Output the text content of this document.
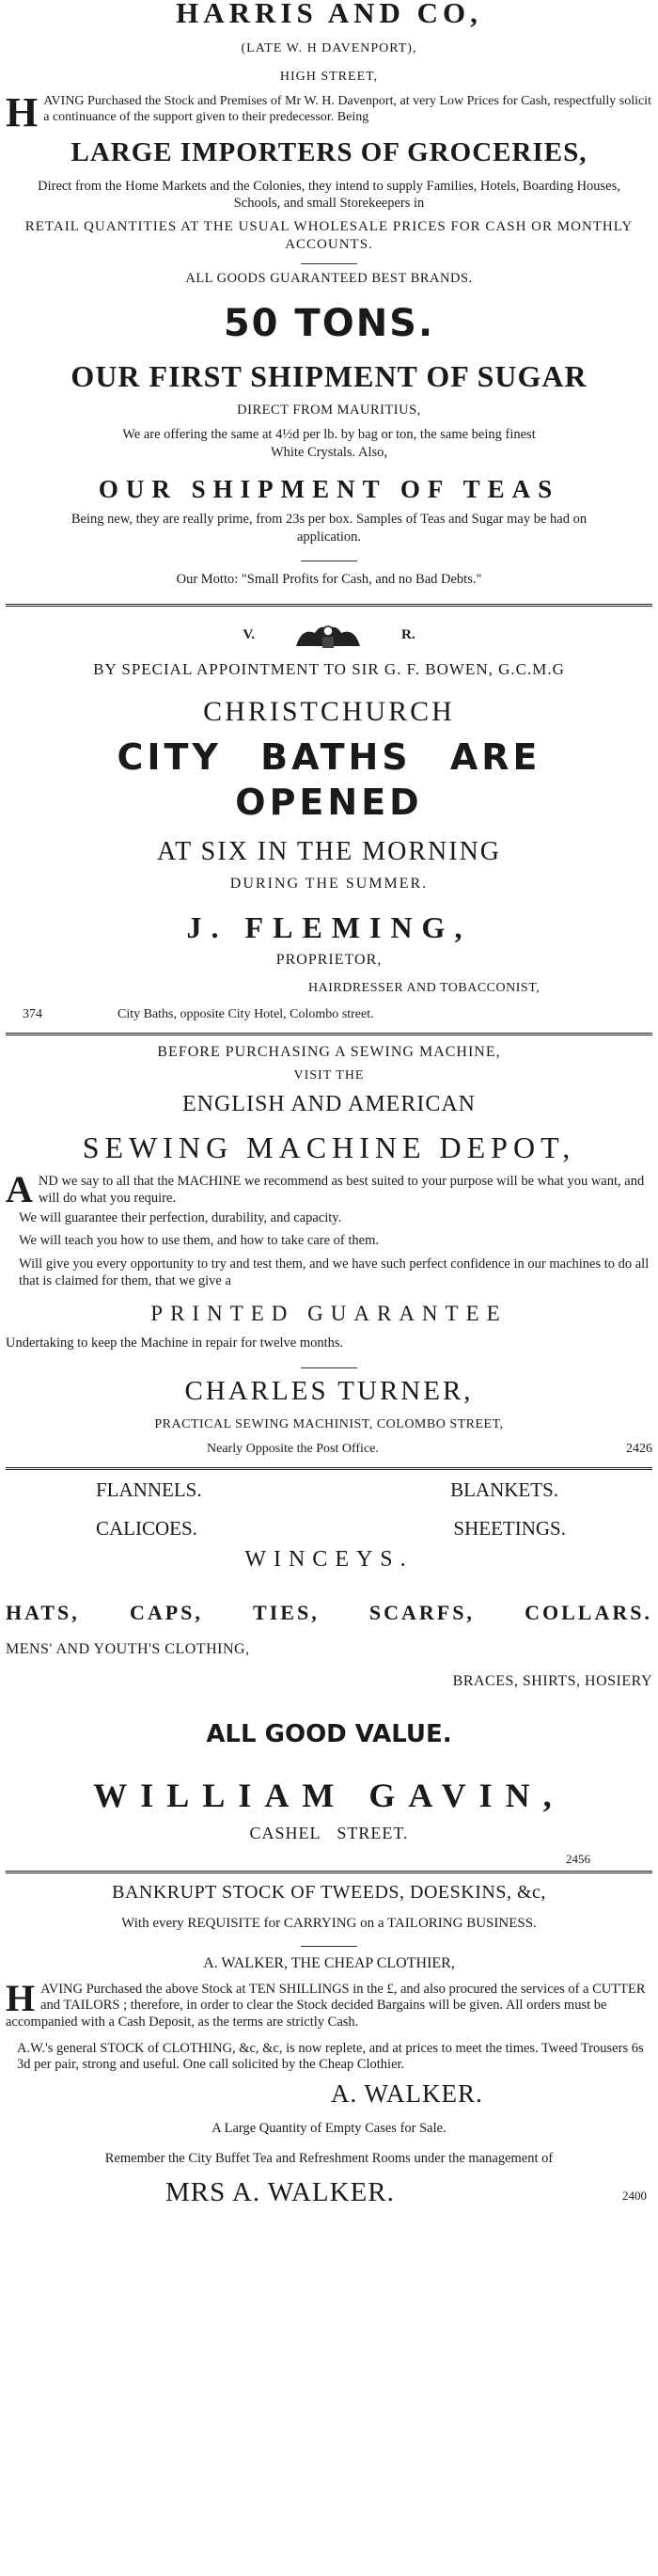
HARRIS AND CO,
(LATE W. H DAVENPORT),
HIGH STREET,
H AVING Purchased the Stock and Premises of Mr W. H. Davenport, at very Low Prices for Cash, respectfully solicit a continuance of the support given to their predecessor. Being
LARGE IMPORTERS OF GROCERIES,
Direct from the Home Markets and the Colonies, they intend to supply Families, Hotels, Boarding Houses, Schools, and small Storekeepers in
RETAIL QUANTITIES AT THE USUAL WHOLESALE PRICES FOR CASH OR MONTHLY ACCOUNTS.
ALL GOODS GUARANTEED BEST BRANDS.
50 TONS.
OUR FIRST SHIPMENT OF SUGAR
DIRECT FROM MAURITIUS,
We are offering the same at 4½d per lb. by bag or ton, the same being finest White Crystals. Also,
OUR SHIPMENT OF TEAS
Being new, they are really prime, from 23s per box. Samples of Teas and Sugar may be had on application.
Our Motto: "Small Profits for Cash, and no Bad Debts."
V.	R.
BY SPECIAL APPOINTMENT TO SIR G. F. BOWEN, G.C.M.G
CHRISTCHURCH
CITY BATHS ARE OPENED
AT SIX IN THE MORNING
DURING THE SUMMER.
J. FLEMING,
PROPRIETOR,
HAIRDRESSER AND TOBACCONIST,
374	City Baths, opposite City Hotel, Colombo street.
BEFORE PURCHASING A SEWING MACHINE,
VISIT THE
ENGLISH AND AMERICAN
SEWING MACHINE DEPOT,
A ND we say to all that the MACHINE we recommend as best suited to your purpose will be what you want, and will do what you require.
We will guarantee their perfection, durability, and capacity.
We will teach you how to use them, and how to take care of them.
Will give you every opportunity to try and test them, and we have such perfect confidence in our machines to do all that is claimed for them, that we give a
PRINTED GUARANTEE
Undertaking to keep the Machine in repair for twelve months.
CHARLES TURNER,
PRACTICAL SEWING MACHINIST, COLOMBO STREET,
Nearly Opposite the Post Office.	2426
FLANNELS.	BLANKETS.
CALICOES.	SHEETINGS.
WINCEYS.
HATS, CAPS, TIES, SCARFS, COLLARS.
MENS' AND YOUTH'S CLOTHING,
BRACES, SHIRTS, HOSIERY
ALL GOOD VALUE.
WILLIAM GAVIN,
CASHEL STREET.
2456
BANKRUPT STOCK OF TWEEDS, DOESKINS, &c,
With every REQUISITE for CARRYING on a TAILORING BUSINESS.
A. WALKER, THE CHEAP CLOTHIER,
H AVING Purchased the above Stock at TEN SHILLINGS in the £, and also procured the services of a CUTTER and TAILORS ; therefore, in order to clear the Stock decided Bargains will be given. All orders must be accompanied with a Cash Deposit, as the terms are strictly Cash.
A.W.'s general STOCK of CLOTHING, &c, &c, is now replete, and at prices to meet the times. Tweed Trousers 6s 3d per pair, strong and useful. One call solicited by the Cheap Clothier.
A. WALKER.
A Large Quantity of Empty Cases for Sale.
Remember the City Buffet Tea and Refreshment Rooms under the management of
MRS A. WALKER.	2400
